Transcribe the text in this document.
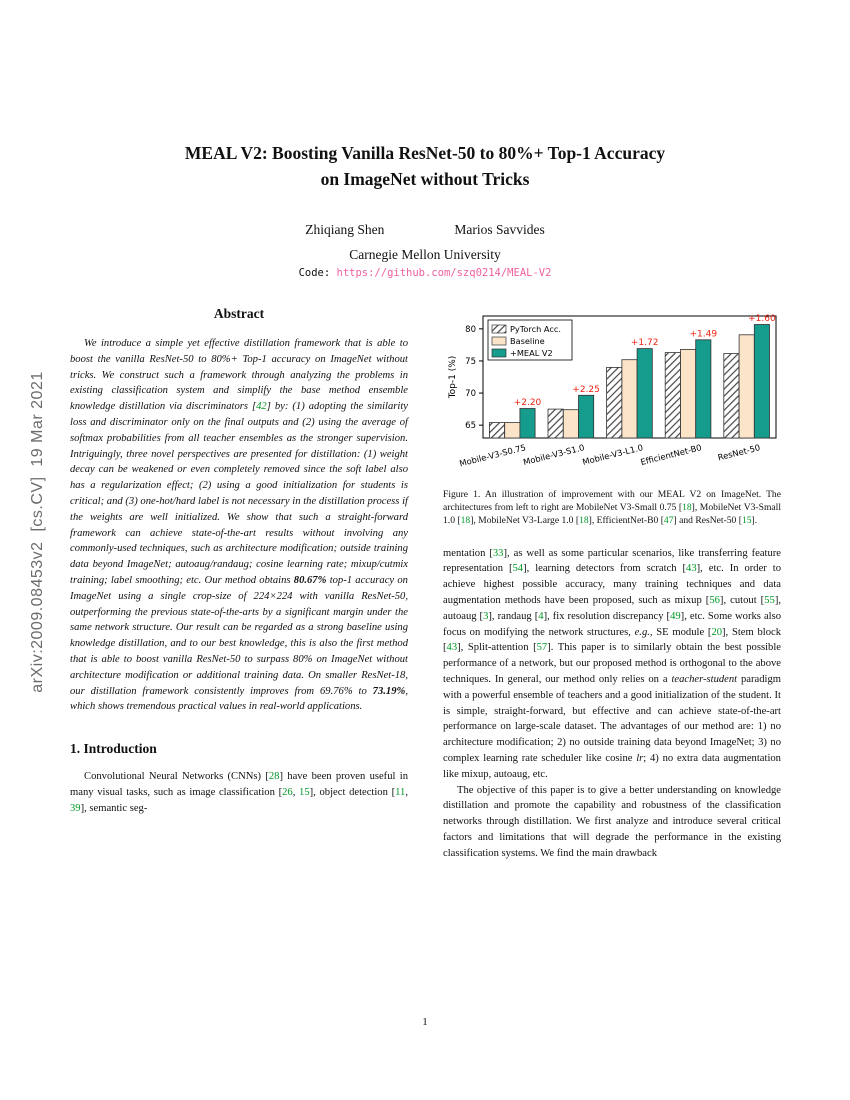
arXiv:2009.08453v2  [cs.CV]  19 Mar 2021
MEAL V2: Boosting Vanilla ResNet-50 to 80%+ Top-1 Accuracy
on ImageNet without Tricks
Zhiqiang Shen	Marios Savvides
Carnegie Mellon University
Code: https://github.com/szq0214/MEAL-V2
Abstract

We introduce a simple yet effective distillation framework that is able to boost the vanilla ResNet-50 to 80%+ Top-1 accuracy on ImageNet without tricks. We construct such a framework through analyzing the problems in existing classification system and simplify the base method ensemble knowledge distillation via discriminators [42] by: (1) adopting the similarity loss and discriminator only on the final outputs and (2) using the average of softmax probabilities from all teacher ensembles as the stronger supervision. Intriguingly, three novel perspectives are presented for distillation: (1) weight decay can be weakened or even completely removed since the soft label also has a regularization effect; (2) using a good initialization for students is critical; and (3) one-hot/hard label is not necessary in the distillation process if the weights are well initialized. We show that such a straight-forward framework can achieve state-of-the-art results without involving any commonly-used techniques, such as architecture modification; outside training data beyond ImageNet; autoaug/randaug; cosine learning rate; mixup/cutmix training; label smoothing; etc. Our method obtains 80.67% top-1 accuracy on ImageNet using a single crop-size of 224×224 with vanilla ResNet-50, outperforming the previous state-of-the-arts by a significant margin under the same network structure. Our result can be regarded as a strong baseline using knowledge distillation, and to our best knowledge, this is also the first method that is able to boost vanilla ResNet-50 to surpass 80% on ImageNet without architecture modification or additional training data. On smaller ResNet-18, our distillation framework consistently improves from 69.76% to 73.19%, which shows tremendous practical values in real-world applications.

1. Introduction

Convolutional Neural Networks (CNNs) [28] have been proven useful in many visual tasks, such as image classification [26, 15], object detection [11, 39], semantic seg-

65
70
75
80
Top-1 (%)
+2.20
Mobile-V3-S0.75
+2.25
Mobile-V3-S1.0
+1.72
Mobile-V3-L1.0
+1.49
EfficientNet-B0
+1.60
ResNet-50
PyTorch Acc.
Baseline
+MEAL V2

Figure 1. An illustration of improvement with our MEAL V2 on ImageNet. The architectures from left to right are MobileNet V3-Small 0.75 [18], MobileNet V3-Small 1.0 [18], MobileNet V3-Large 1.0 [18], EfficientNet-B0 [47] and ResNet-50 [15].

mentation [33], as well as some particular scenarios, like transferring feature representation [54], learning detectors from scratch [43], etc. In order to achieve highest possible accuracy, many training techniques and data augmentation methods have been proposed, such as mixup [56], cutout [55], autoaug [3], randaug [4], fix resolution discrepancy [49], etc. Some works also focus on modifying the network structures, e.g., SE module [20], Stem block [43], Split-attention [57]. This paper is to similarly obtain the best possible performance of a network, but our proposed method is orthogonal to the above techniques. In general, our method only relies on a teacher-student paradigm with a powerful ensemble of teachers and a good initialization of the student. It is simple, straight-forward, but effective and can achieve state-of-the-art performance on large-scale dataset. The advantages of our method are: 1) no architecture modification; 2) no outside training data beyond ImageNet; 3) no complex learning rate scheduler like cosine lr; 4) no extra data augmentation like mixup, autoaug, etc.

The objective of this paper is to give a better understanding on knowledge distillation and promote the capability and robustness of the classification networks through distillation. We first analyze and introduce several critical factors and limitations that will degrade the performance in the existing classification systems. We find the main drawback

1
